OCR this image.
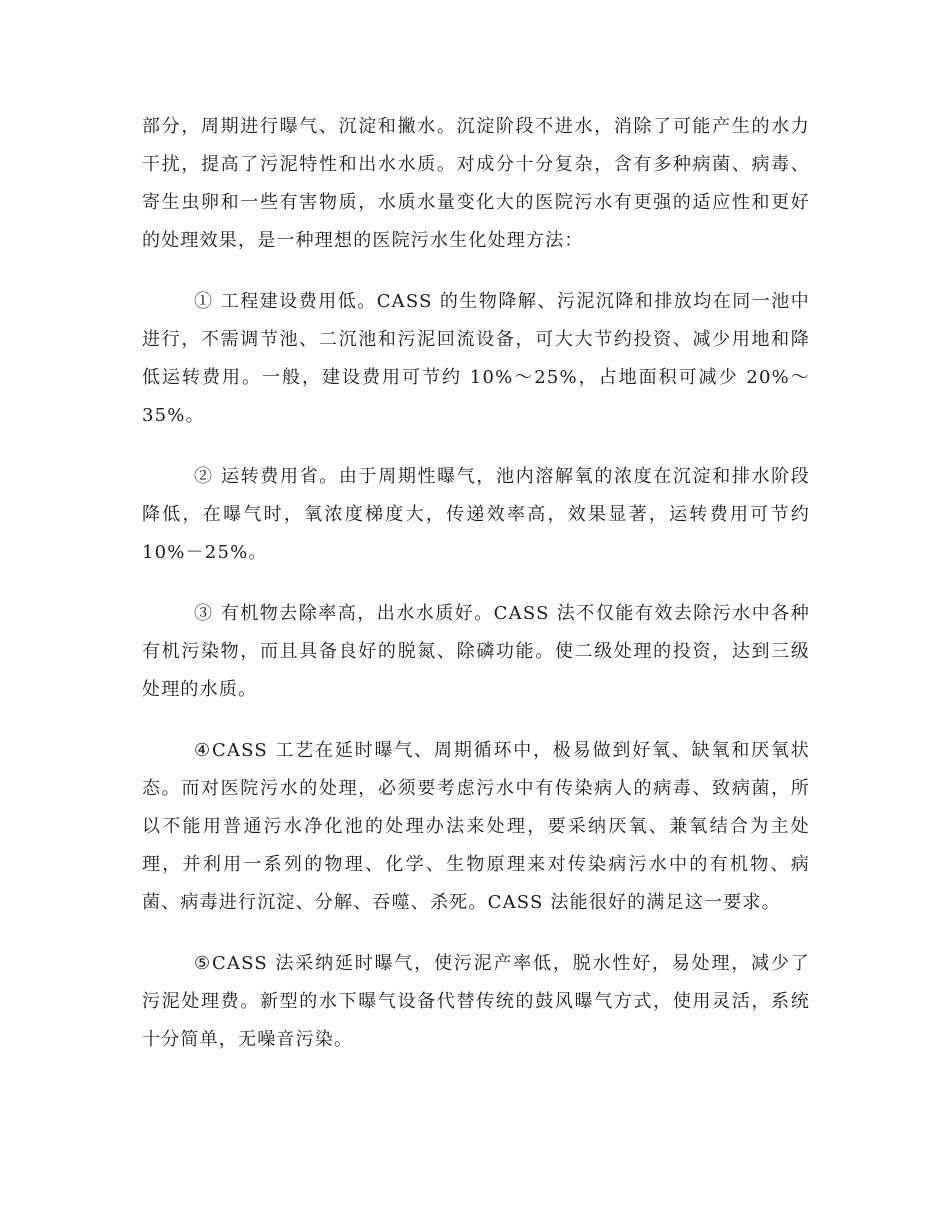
部分，周期进行曝气、沉淀和撇水。沉淀阶段不进水，消除了可能产生的水力干扰，提高了污泥特性和出水水质。对成分十分复杂，含有多种病菌、病毒、寄生虫卵和一些有害物质，水质水量变化大的医院污水有更强的适应性和更好的处理效果，是一种理想的医院污水生化处理方法：

① 工程建设费用低。CASS 的生物降解、污泥沉降和排放均在同一池中进行，不需调节池、二沉池和污泥回流设备，可大大节约投资、减少用地和降低运转费用。一般，建设费用可节约 10%～25%，占地面积可减少 20%～35%。

② 运转费用省。由于周期性曝气，池内溶解氧的浓度在沉淀和排水阶段降低，在曝气时，氧浓度梯度大，传递效率高，效果显著，运转费用可节约 10%－25%。

③ 有机物去除率高，出水水质好。CASS 法不仅能有效去除污水中各种有机污染物，而且具备良好的脱氮、除磷功能。使二级处理的投资，达到三级处理的水质。

④CASS 工艺在延时曝气、周期循环中，极易做到好氧、缺氧和厌氧状态。而对医院污水的处理，必须要考虑污水中有传染病人的病毒、致病菌，所以不能用普通污水净化池的处理办法来处理，要采纳厌氧、兼氧结合为主处理，并利用一系列的物理、化学、生物原理来对传染病污水中的有机物、病菌、病毒进行沉淀、分解、吞噬、杀死。CASS 法能很好的满足这一要求。

⑤CASS 法采纳延时曝气，使污泥产率低，脱水性好，易处理，减少了污泥处理费。新型的水下曝气设备代替传统的鼓风曝气方式，使用灵活，系统十分简单，无噪音污染。
